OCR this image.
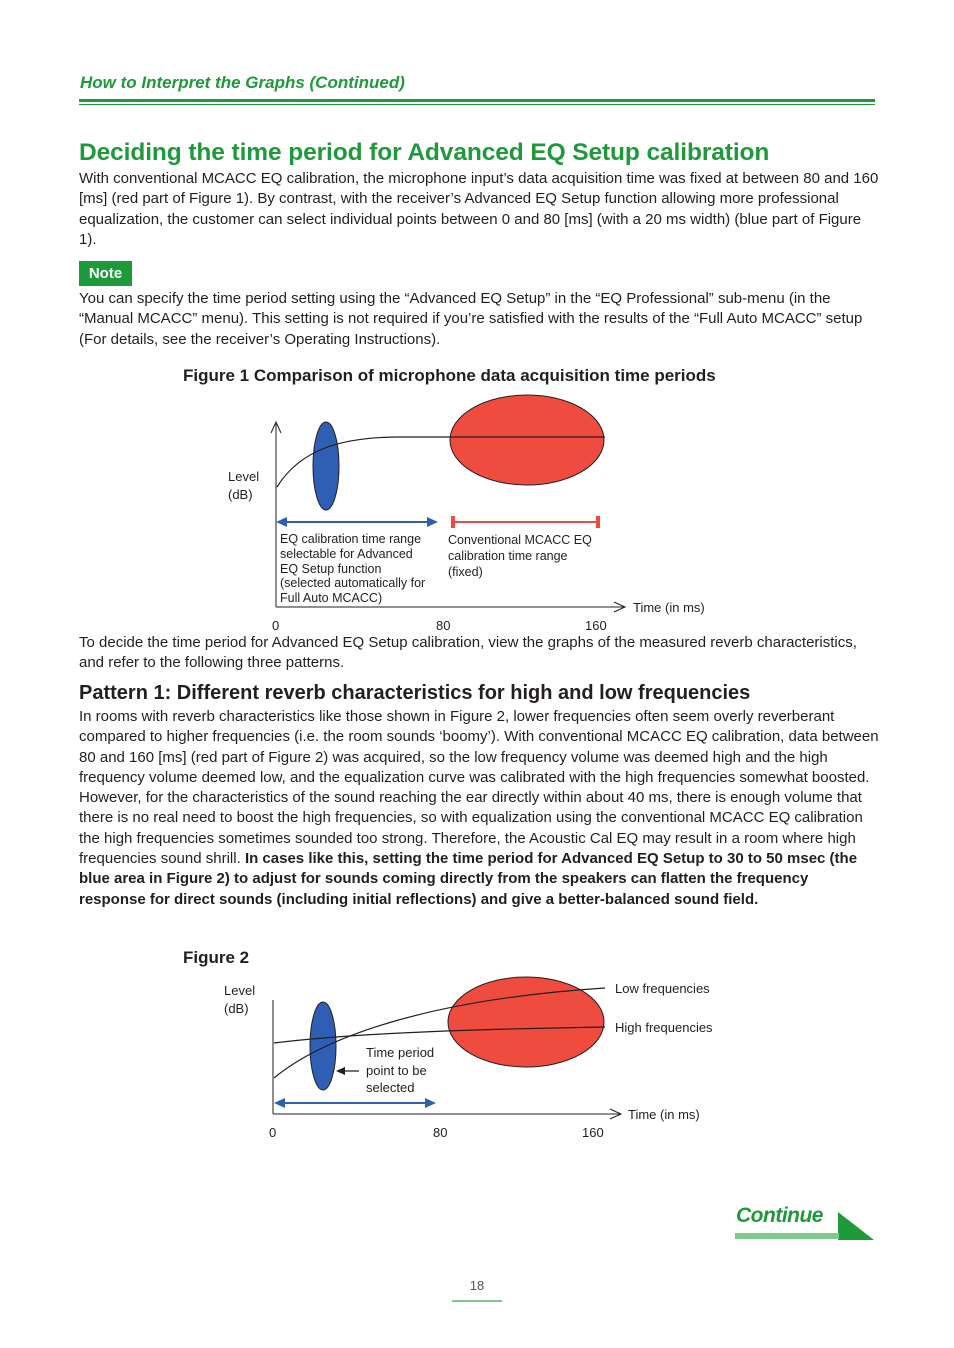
How to Interpret the Graphs (Continued)
Deciding the time period for Advanced EQ Setup calibration
With conventional MCACC EQ calibration, the microphone input’s data acquisition time was fixed at between 80 and 160 [ms] (red part of Figure 1). By contrast, with the receiver’s Advanced EQ Setup function allowing more professional equalization, the customer can select individual points between 0 and 80 [ms] (with a 20 ms width) (blue part of Figure 1).
Note
You can specify the time period setting using the “Advanced EQ Setup” in the “EQ Professional” sub-menu (in the “Manual MCACC” menu). This setting is not required if you’re satisfied with the results of the “Full Auto MCACC” setup (For details, see the receiver’s Operating Instructions).
Figure 1 Comparison of microphone data acquisition time periods
Level
(dB)
Time (in ms)
0	80	160
EQ calibration time range
selectable for Advanced
EQ Setup function
(selected automatically for
Full Auto MCACC)
Conventional MCACC EQ
calibration time range
(fixed)
To decide the time period for Advanced EQ Setup calibration, view the graphs of the measured reverb characteristics, and refer to the following three patterns.
Pattern 1: Different reverb characteristics for high and low frequencies
In rooms with reverb characteristics like those shown in Figure 2, lower frequencies often seem overly reverberant compared to higher frequencies (i.e. the room sounds ‘boomy’). With conventional MCACC EQ calibration, data between 80 and 160 [ms] (red part of Figure 2) was acquired, so the low frequency volume was deemed high and the high frequency volume deemed low, and the equalization curve was calibrated with the high frequencies somewhat boosted. However, for the characteristics of the sound reaching the ear directly within about 40 ms, there is enough volume that there is no real need to boost the high frequencies, so with equalization using the conventional MCACC EQ calibration the high frequencies sometimes sounded too strong. Therefore, the Acoustic Cal EQ may result in a room where high frequencies sound shrill. In cases like this, setting the time period for Advanced EQ Setup to 30 to 50 msec (the blue area in Figure 2) to adjust for sounds coming directly from the speakers can flatten the frequency response for direct sounds (including initial reflections) and give a better-balanced sound field.
Figure 2
Level
(dB)
Time (in ms)
0	80	160
Low frequencies
High frequencies
Time period
point to be
selected
Continue
18
